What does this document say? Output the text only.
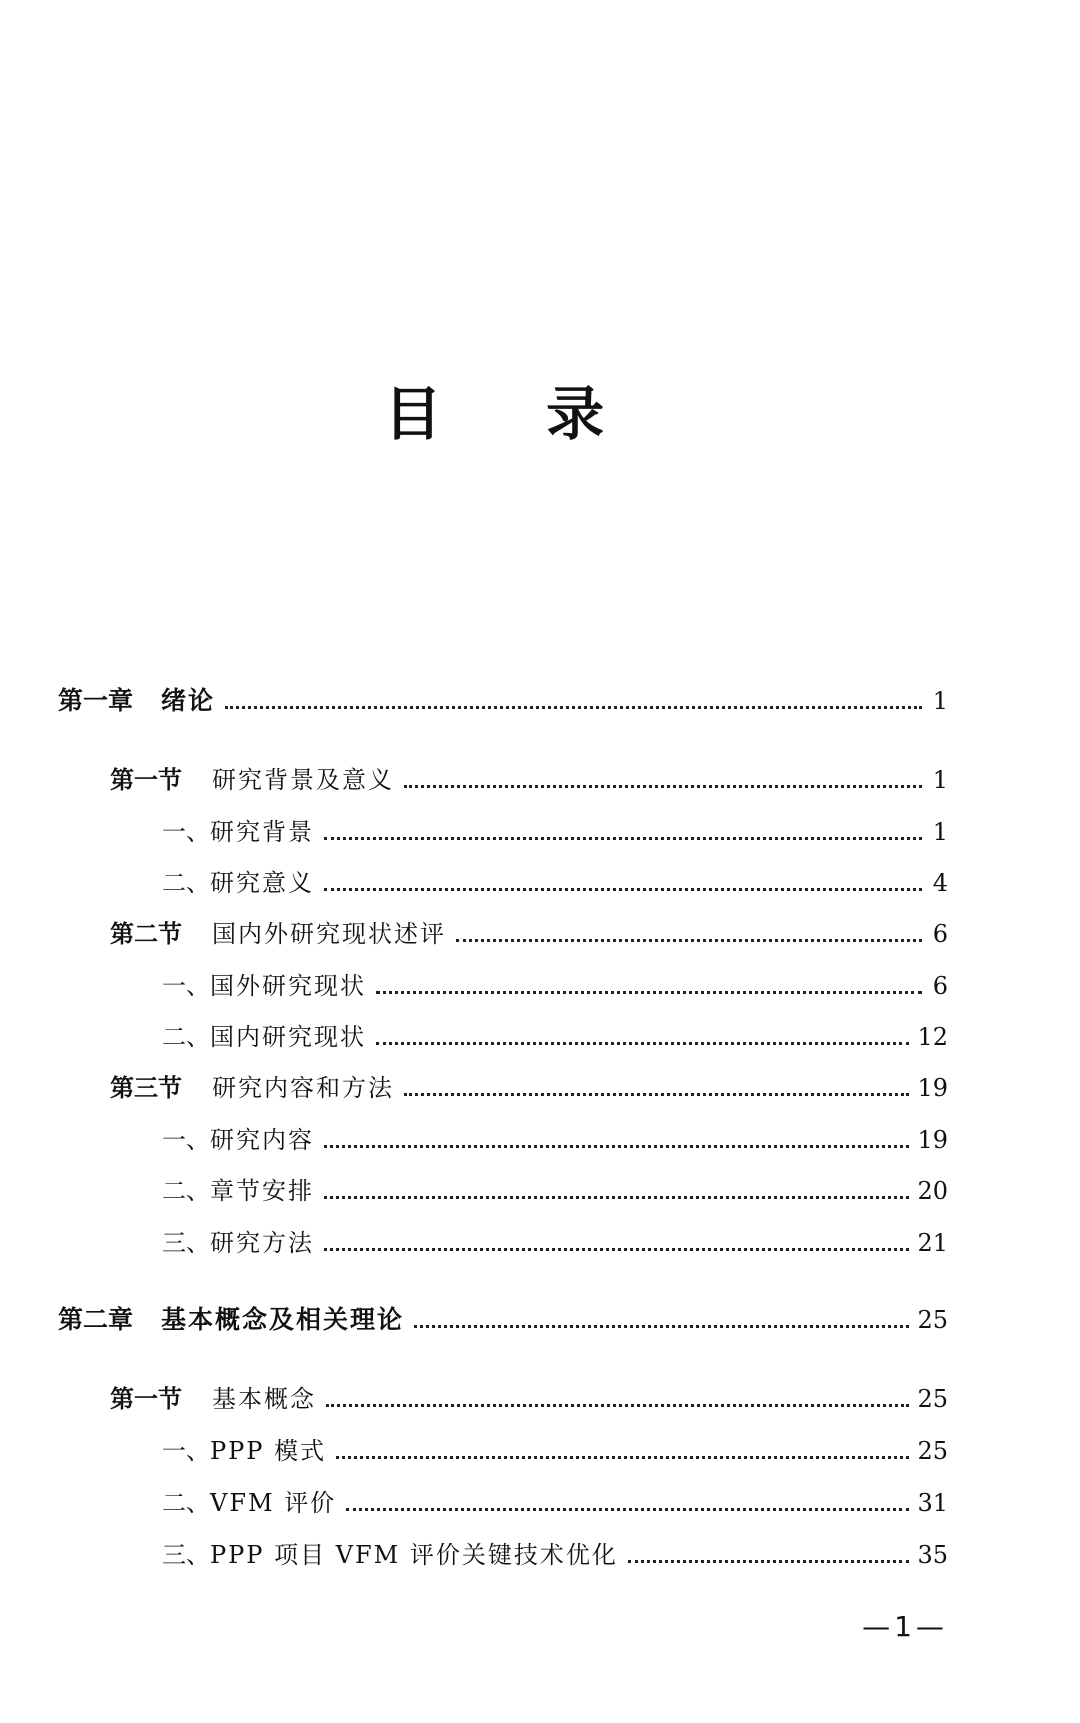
目 录
第一章 绪论	1
第一节 研究背景及意义	1
一、 研究背景	1
二、 研究意义	4
第二节 国内外研究现状述评	6
一、 国外研究现状	6
二、 国内研究现状	12
第三节 研究内容和方法	19
一、 研究内容	19
二、 章节安排	20
三、 研究方法	21
第二章 基本概念及相关理论	25
第一节 基本概念	25
一、 PPP 模式	25
二、 VFM 评价	31
三、 PPP 项目 VFM 评价关键技术优化	35
—1—
